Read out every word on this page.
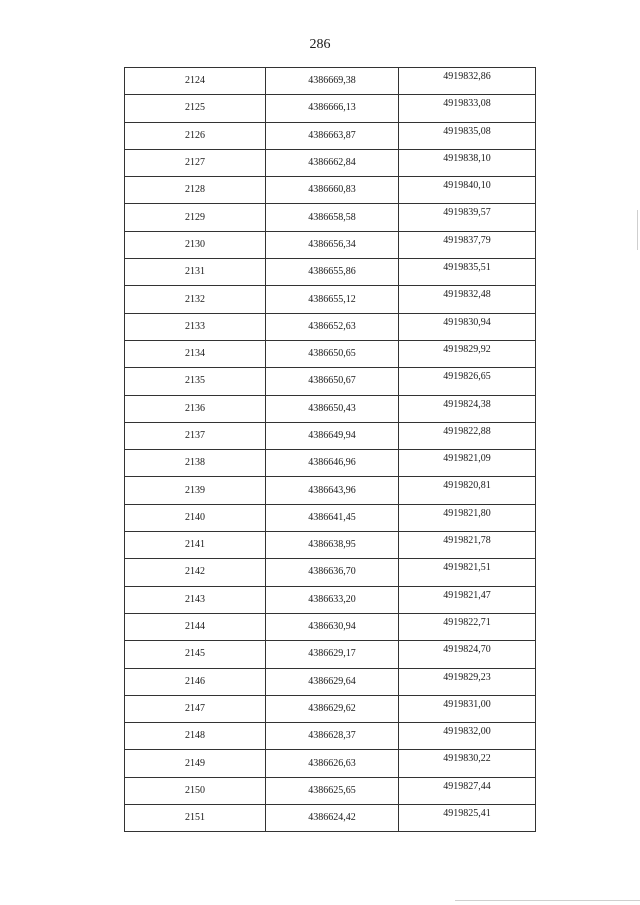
286
2124	4386669,38	4919832,86
2125	4386666,13	4919833,08
2126	4386663,87	4919835,08
2127	4386662,84	4919838,10
2128	4386660,83	4919840,10
2129	4386658,58	4919839,57
2130	4386656,34	4919837,79
2131	4386655,86	4919835,51
2132	4386655,12	4919832,48
2133	4386652,63	4919830,94
2134	4386650,65	4919829,92
2135	4386650,67	4919826,65
2136	4386650,43	4919824,38
2137	4386649,94	4919822,88
2138	4386646,96	4919821,09
2139	4386643,96	4919820,81
2140	4386641,45	4919821,80
2141	4386638,95	4919821,78
2142	4386636,70	4919821,51
2143	4386633,20	4919821,47
2144	4386630,94	4919822,71
2145	4386629,17	4919824,70
2146	4386629,64	4919829,23
2147	4386629,62	4919831,00
2148	4386628,37	4919832,00
2149	4386626,63	4919830,22
2150	4386625,65	4919827,44
2151	4386624,42	4919825,41
